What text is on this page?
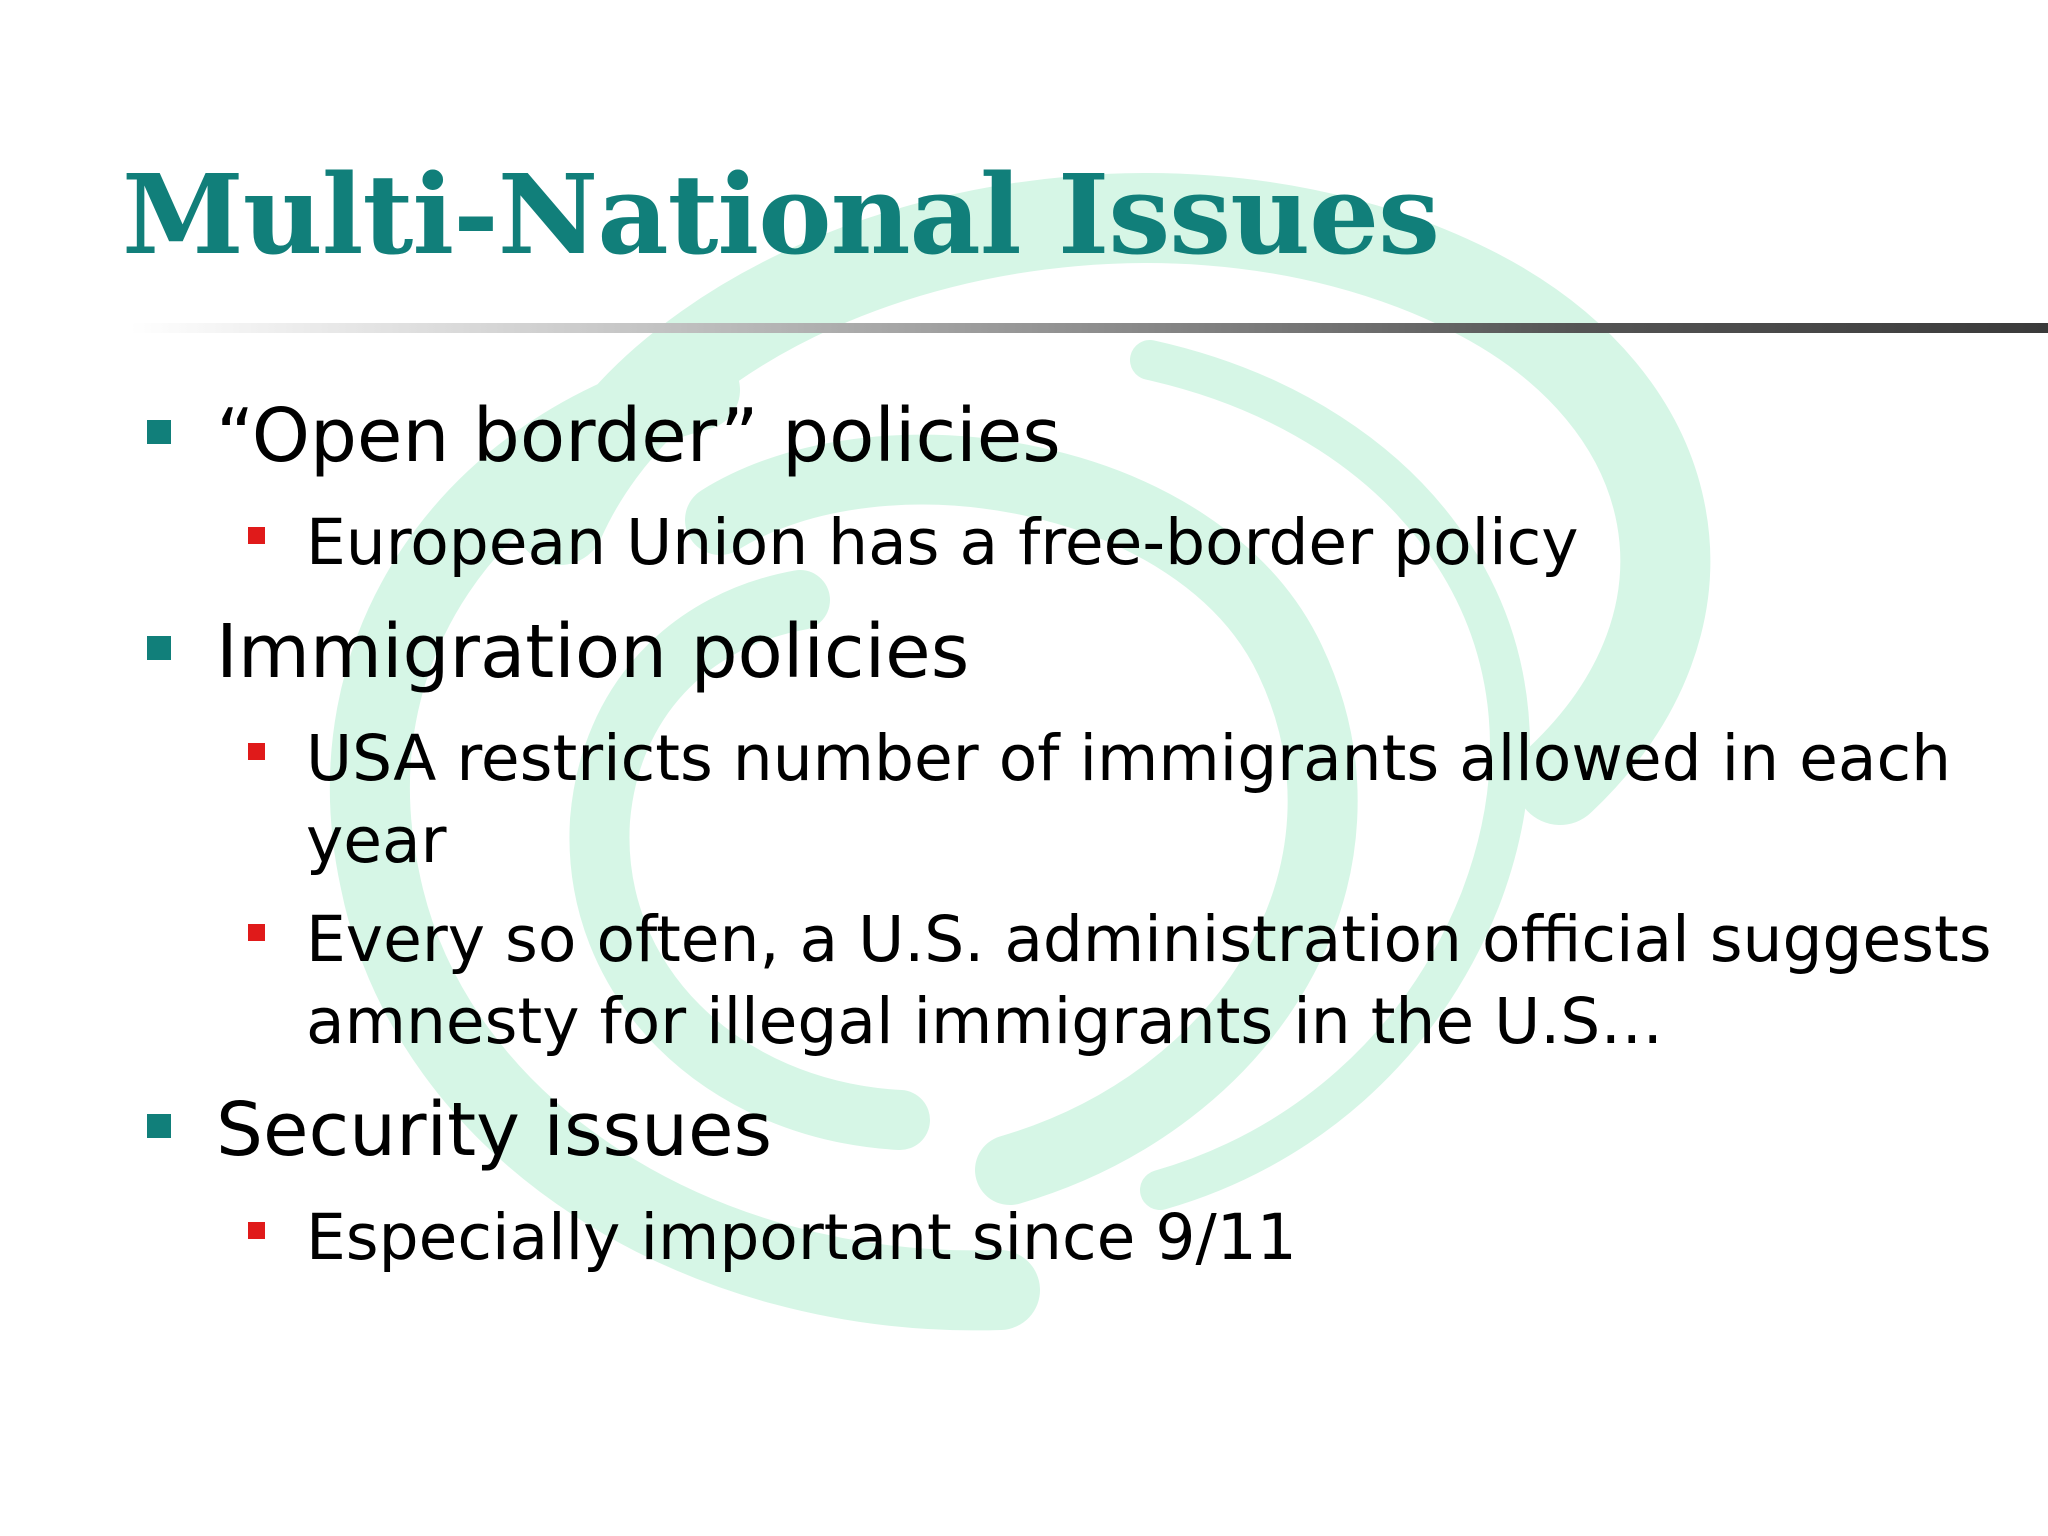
Multi-National Issues
“Open border” policies
European Union has a free-border policy
Immigration policies
USA restricts number of immigrants allowed in each
year
Every so often, a U.S. administration official suggests
amnesty for illegal immigrants in the U.S…
Security issues
Especially important since 9/11
